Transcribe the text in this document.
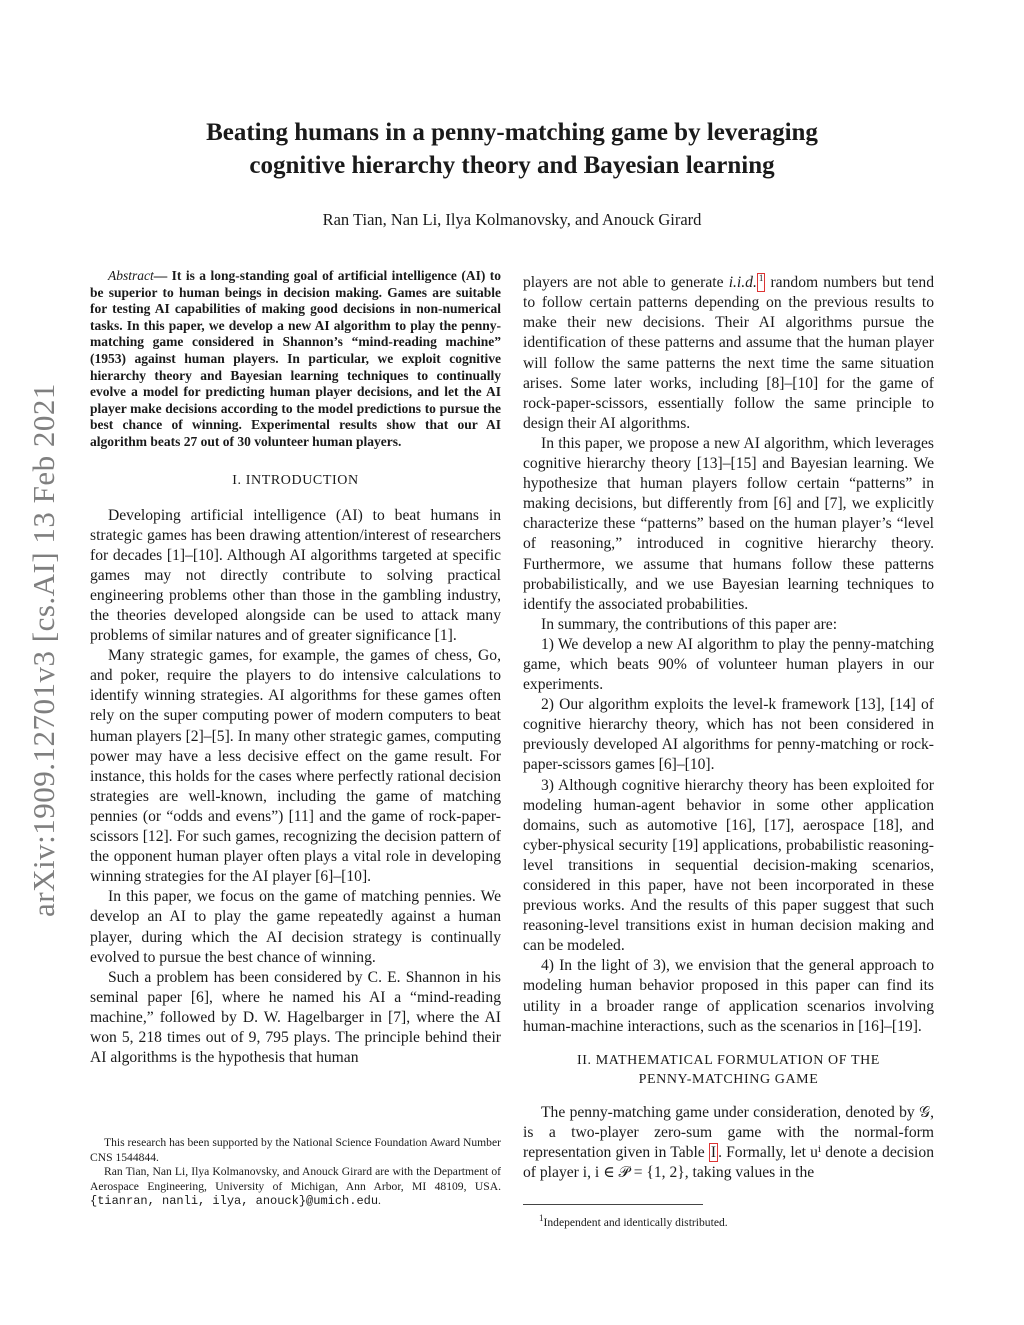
arXiv:1909.12701v3 [cs.AI] 13 Feb 2021
Beating humans in a penny-matching game by leveraging
cognitive hierarchy theory and Bayesian learning
Ran Tian, Nan Li, Ilya Kolmanovsky, and Anouck Girard

Abstract— It is a long-standing goal of artificial intelligence (AI) to be superior to human beings in decision making. Games are suitable for testing AI capabilities of making good decisions in non-numerical tasks. In this paper, we develop a new AI algorithm to play the penny-matching game considered in Shannon’s “mind-reading machine” (1953) against human players. In particular, we exploit cognitive hierarchy theory and Bayesian learning techniques to continually evolve a model for predicting human player decisions, and let the AI player make decisions according to the model predictions to pursue the best chance of winning. Experimental results show that our AI algorithm beats 27 out of 30 volunteer human players.

I. INTRODUCTION

Developing artificial intelligence (AI) to beat humans in strategic games has been drawing attention/interest of researchers for decades [1]–[10]. Although AI algorithms targeted at specific games may not directly contribute to solving practical engineering problems other than those in the gambling industry, the theories developed alongside can be used to attack many problems of similar natures and of greater significance [1].

Many strategic games, for example, the games of chess, Go, and poker, require the players to do intensive calculations to identify winning strategies. AI algorithms for these games often rely on the super computing power of modern computers to beat human players [2]–[5]. In many other strategic games, computing power may have a less decisive effect on the game result. For instance, this holds for the cases where perfectly rational decision strategies are well-known, including the game of matching pennies (or “odds and evens”) [11] and the game of rock-paper-scissors [12]. For such games, recognizing the decision pattern of the opponent human player often plays a vital role in developing winning strategies for the AI player [6]–[10].

In this paper, we focus on the game of matching pennies. We develop an AI to play the game repeatedly against a human player, during which the AI decision strategy is continually evolved to pursue the best chance of winning.

Such a problem has been considered by C. E. Shannon in his seminal paper [6], where he named his AI a “mind-reading machine,” followed by D. W. Hagelbarger in [7], where the AI won 5, 218 times out of 9, 795 plays. The principle behind their AI algorithms is the hypothesis that human

This research has been supported by the National Science Foundation Award Number CNS 1544844.

Ran Tian, Nan Li, Ilya Kolmanovsky, and Anouck Girard are with the Department of Aerospace Engineering, University of Michigan, Ann Arbor, MI 48109, USA. {tianran, nanli, ilya, anouck}@umich.edu.

players are not able to generate i.i.d. $^1$ random numbers but tend to follow certain patterns depending on the previous results to make their new decisions. Their AI algorithms pursue the identification of these patterns and assume that the human player will follow the same patterns the next time the same situation arises. Some later works, including [8]–[10] for the game of rock-paper-scissors, essentially follow the same principle to design their AI algorithms.

In this paper, we propose a new AI algorithm, which leverages cognitive hierarchy theory [13]–[15] and Bayesian learning. We hypothesize that human players follow certain “patterns” in making decisions, but differently from [6] and [7], we explicitly characterize these “patterns” based on the human player’s “level of reasoning,” introduced in cognitive hierarchy theory. Furthermore, we assume that humans follow these patterns probabilistically, and we use Bayesian learning techniques to identify the associated probabilities.

In summary, the contributions of this paper are:

1) We develop a new AI algorithm to play the penny-matching game, which beats 90% of volunteer human players in our experiments.

2) Our algorithm exploits the level-k framework [13], [14] of cognitive hierarchy theory, which has not been considered in previously developed AI algorithms for penny-matching or rock-paper-scissors games [6]–[10].

3) Although cognitive hierarchy theory has been exploited for modeling human-agent behavior in some other application domains, such as automotive [16], [17], aerospace [18], and cyber-physical security [19] applications, probabilistic reasoning-level transitions in sequential decision-making scenarios, considered in this paper, have not been incorporated in these previous works. And the results of this paper suggest that such reasoning-level transitions exist in human decision making and can be modeled.

4) In the light of 3), we envision that the general approach to modeling human behavior proposed in this paper can find its utility in a broader range of application scenarios involving human-machine interactions, such as the scenarios in [16]–[19].

II. MATHEMATICAL FORMULATION OF THE
PENNY-MATCHING GAME

The penny-matching game under consideration, denoted by 𝒢, is a two-player zero-sum game with the normal-form representation given in Table I . Formally, let uⁱ denote a decision of player i, i ∈ 𝒫 = {1, 2}, taking values in the

$^1$Independent and identically distributed.
